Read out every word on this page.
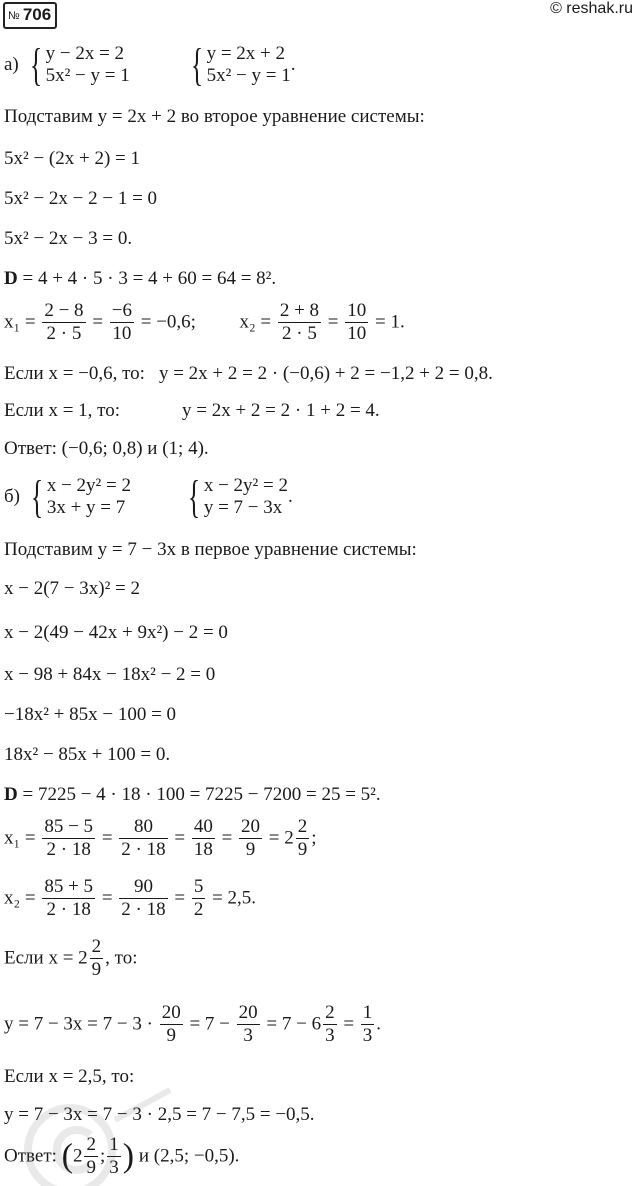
№ 706	© reshak.ru
а) { y − 2x = 2
5x² − y = 1 { y = 2x + 2
5x² − y = 1
.
Подставим y = 2x + 2 во второе уравнение системы:
5x² − (2x + 2) = 1
5x² − 2x − 2 − 1 = 0
5x² − 2x − 3 = 0.
D = 4 + 4 · 5 · 3 = 4 + 60 = 64 = 8².
$x_1 = \frac{2 - 8}{2 \cdot 5} = \frac{-6}{10} = -0,6$; $x_2 = \frac{2 + 8}{2 \cdot 5} = \frac{10}{10} = 1$.
Если x = −0,6, то: y = 2x + 2 = 2 · (−0,6) + 2 = −1,2 + 2 = 0,8.
Если x = 1, то:	y = 2x + 2 = 2 · 1 + 2 = 4.
Ответ: (−0,6; 0,8) и (1; 4).
б) { x − 2y² = 2
3x + y = 7 { x − 2y² = 2
y = 7 − 3x
.
Подставим y = 7 − 3x в первое уравнение системы:
x − 2(7 − 3x)² = 2
x − 2(49 − 42x + 9x²) − 2 = 0
x − 98 + 84x − 18x² − 2 = 0
−18x² + 85x − 100 = 0
18x² − 85x + 100 = 0.
D = 7225 − 4 · 18 · 100 = 7225 − 7200 = 25 = 5².
$x_1 = \frac{85 - 5}{2 \cdot 18} = \frac{80}{2 \cdot 18} = \frac{40}{18} = \frac{20}{9} = 2 \frac{2}{9}$ ;
$x_2 = \frac{85 + 5}{2 \cdot 18} = \frac{90}{2 \cdot 18} = \frac{5}{2} = 2,5$.
Если $x = 2 \frac{2}{9}$ , то:
$y = 7 - 3x = 7 - 3 \cdot \frac{20}{9} = 7 - \frac{20}{3} = 7 - 6 \frac{2}{3} = \frac{1}{3}$ .
Если x = 2,5, то:
y = 7 − 3x = 7 − 3 · 2,5 = 7 − 7,5 = −0,5.
Ответ: ($2 \frac{2}{9}$ ; $\frac{1}{3}$ ) и (2,5; −0,5).
